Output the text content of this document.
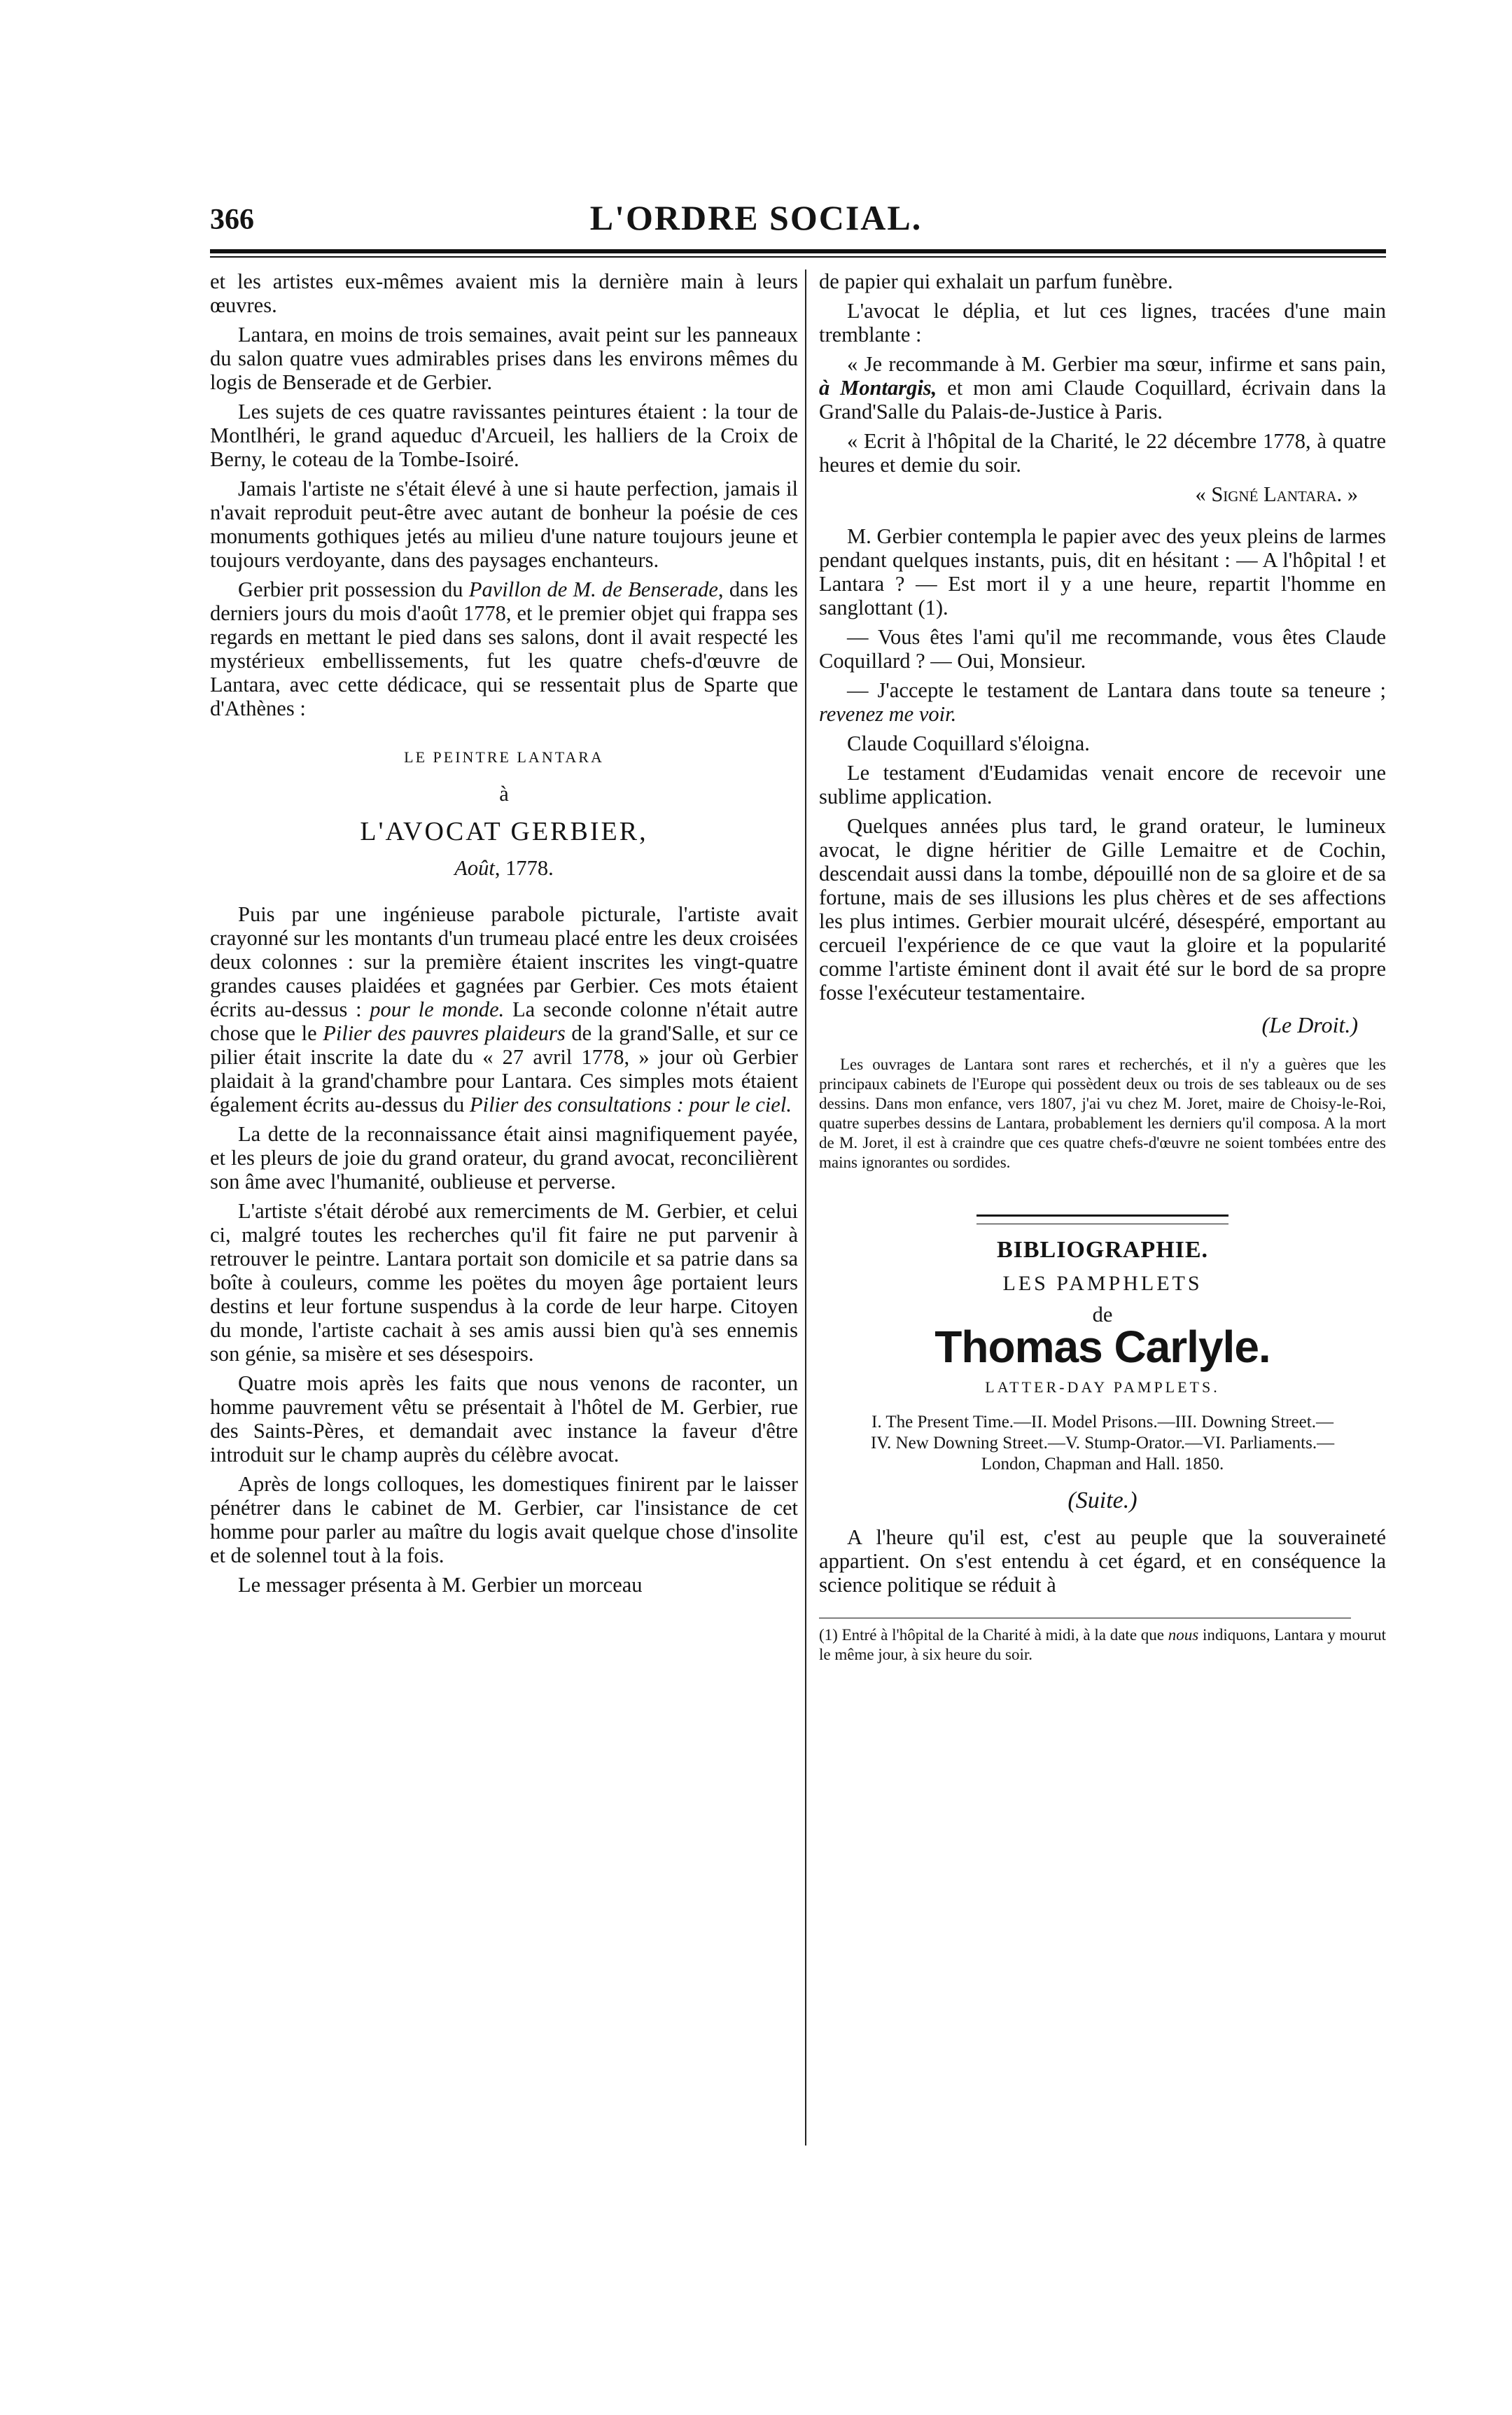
366	L'ORDRE SOCIAL.

et les artistes eux-mêmes avaient mis la dernière main à leurs œuvres.

Lantara, en moins de trois semaines, avait peint sur les panneaux du salon quatre vues admirables prises dans les environs mêmes du logis de Benserade et de Gerbier.

Les sujets de ces quatre ravissantes peintures étaient : la tour de Montlhéri, le grand aqueduc d'Arcueil, les halliers de la Croix de Berny, le coteau de la Tombe-Isoiré.

Jamais l'artiste ne s'était élevé à une si haute perfection, jamais il n'avait reproduit peut-être avec autant de bonheur la poésie de ces monuments gothiques jetés au milieu d'une nature toujours jeune et toujours verdoyante, dans des paysages enchanteurs.

Gerbier prit possession du Pavillon de M. de Benserade, dans les derniers jours du mois d'août 1778, et le premier objet qui frappa ses regards en mettant le pied dans ses salons, dont il avait respecté les mystérieux embellissements, fut les quatre chefs-d'œuvre de Lantara, avec cette dédicace, qui se ressentait plus de Sparte que d'Athènes :

LE PEINTRE LANTARA
à
L'AVOCAT GERBIER,
Août, 1778.

Puis par une ingénieuse parabole picturale, l'artiste avait crayonné sur les montants d'un trumeau placé entre les deux croisées deux colonnes : sur la première étaient inscrites les vingt-quatre grandes causes plaidées et gagnées par Gerbier. Ces mots étaient écrits au-dessus : pour le monde. La seconde colonne n'était autre chose que le Pilier des pauvres plaideurs de la grand'Salle, et sur ce pilier était inscrite la date du « 27 avril 1778, » jour où Gerbier plaidait à la grand'chambre pour Lantara. Ces simples mots étaient également écrits au-dessus du Pilier des consultations : pour le ciel.

La dette de la reconnaissance était ainsi magnifiquement payée, et les pleurs de joie du grand orateur, du grand avocat, reconcilièrent son âme avec l'humanité, oublieuse et perverse.

L'artiste s'était dérobé aux remerciments de M. Gerbier, et celui ci, malgré toutes les recherches qu'il fit faire ne put parvenir à retrouver le peintre. Lantara portait son domicile et sa patrie dans sa boîte à couleurs, comme les poëtes du moyen âge portaient leurs destins et leur fortune suspendus à la corde de leur harpe. Citoyen du monde, l'artiste cachait à ses amis aussi bien qu'à ses ennemis son génie, sa misère et ses désespoirs.

Quatre mois après les faits que nous venons de raconter, un homme pauvrement vêtu se présentait à l'hôtel de M. Gerbier, rue des Saints-Pères, et demandait avec instance la faveur d'être introduit sur le champ auprès du célèbre avocat.

Après de longs colloques, les domestiques finirent par le laisser pénétrer dans le cabinet de M. Gerbier, car l'insistance de cet homme pour parler au maître du logis avait quelque chose d'insolite et de solennel tout à la fois.

Le messager présenta à M. Gerbier un morceau

de papier qui exhalait un parfum funèbre.

L'avocat le déplia, et lut ces lignes, tracées d'une main tremblante :

« Je recommande à M. Gerbier ma sœur, infirme et sans pain, à Montargis, et mon ami Claude Coquillard, écrivain dans la Grand'Salle du Palais-de-Justice à Paris.

« Ecrit à l'hôpital de la Charité, le 22 décembre 1778, à quatre heures et demie du soir.

« Signé Lantara. »

M. Gerbier contempla le papier avec des yeux pleins de larmes pendant quelques instants, puis, dit en hésitant : — A l'hôpital ! et Lantara ? — Est mort il y a une heure, repartit l'homme en sanglottant (1).

— Vous êtes l'ami qu'il me recommande, vous êtes Claude Coquillard ? — Oui, Monsieur.

— J'accepte le testament de Lantara dans toute sa teneure ; revenez me voir.

Claude Coquillard s'éloigna.

Le testament d'Eudamidas venait encore de recevoir une sublime application.

Quelques années plus tard, le grand orateur, le lumineux avocat, le digne héritier de Gille Lemaitre et de Cochin, descendait aussi dans la tombe, dépouillé non de sa gloire et de sa fortune, mais de ses illusions les plus chères et de ses affections les plus intimes. Gerbier mourait ulcéré, désespéré, emportant au cercueil l'expérience de ce que vaut la gloire et la popularité comme l'artiste éminent dont il avait été sur le bord de sa propre fosse l'exécuteur testamentaire.

(Le Droit.)

Les ouvrages de Lantara sont rares et recherchés, et il n'y a guères que les principaux cabinets de l'Europe qui possèdent deux ou trois de ses tableaux ou de ses dessins. Dans mon enfance, vers 1807, j'ai vu chez M. Joret, maire de Choisy-le-Roi, quatre superbes dessins de Lantara, probablement les derniers qu'il composa. A la mort de M. Joret, il est à craindre que ces quatre chefs-d'œuvre ne soient tombées entre des mains ignorantes ou sordides.

BIBLIOGRAPHIE.
LES PAMPHLETS
de
Thomas Carlyle.
LATTER-DAY PAMPLETS.
I. The Present Time.—II. Model Prisons.—III. Downing Street.—IV. New Downing Street.—V. Stump-Orator.—VI. Parliaments.— London, Chapman and Hall. 1850.
(Suite.)

A l'heure qu'il est, c'est au peuple que la souveraineté appartient. On s'est entendu à cet égard, et en conséquence la science politique se réduit à

(1) Entré à l'hôpital de la Charité à midi, à la date que nous indiquons, Lantara y mourut le même jour, à six heure du soir.
